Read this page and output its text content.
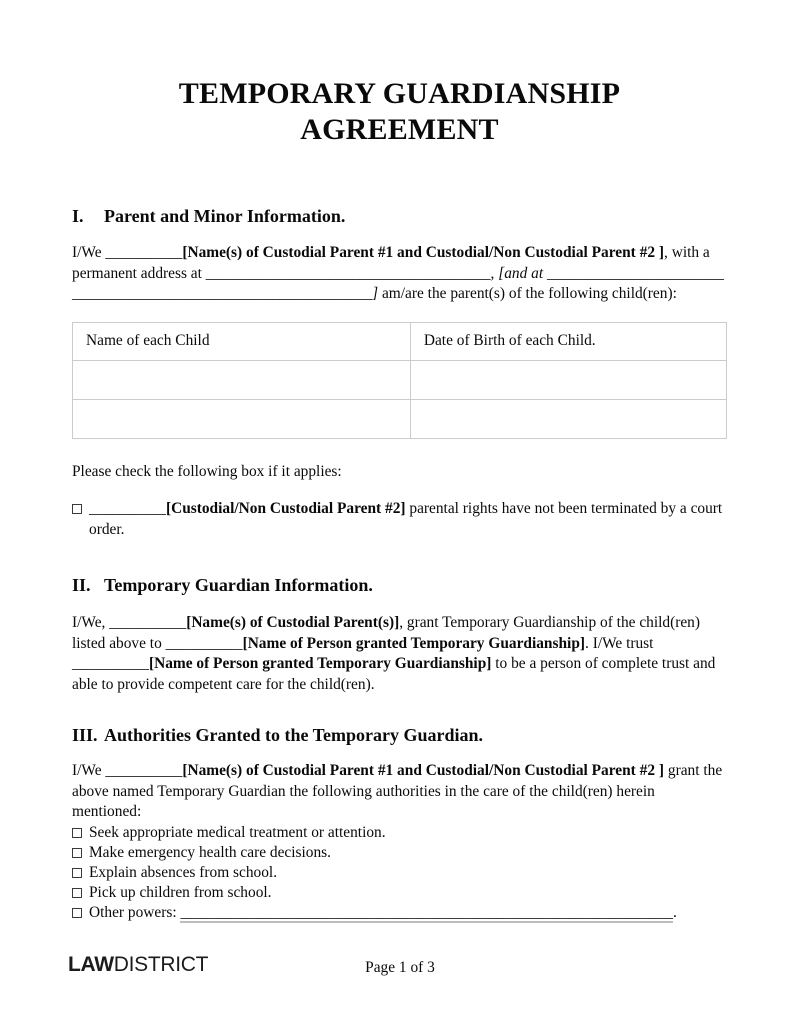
TEMPORARY GUARDIANSHIP
AGREEMENT
I.	Parent and Minor Information.

I/We __________[Name(s) of Custodial Parent #1 and Custodial/Non Custodial Parent #2 ], with a permanent address at _____________________________________, [and at ______________________________________________________________] am/are the parent(s) of the following child(ren):

Name of each Child	Date of Birth of each Child.

Please check the following box if it applies:

__________[Custodial/Non Custodial Parent #2] parental rights have not been terminated by a court order.
II. Temporary Guardian Information.

I/We, __________[Name(s) of Custodial Parent(s)], grant Temporary Guardianship of the child(ren) listed above to __________[Name of Person granted Temporary Guardianship]. I/We trust __________[Name of Person granted Temporary Guardianship] to be a person of complete trust and able to provide competent care for the child(ren).

III. Authorities Granted to the Temporary Guardian.

I/We __________[Name(s) of Custodial Parent #1 and Custodial/Non Custodial Parent #2 ] grant the above named Temporary Guardian the following authorities in the care of the child(ren) herein mentioned:

Seek appropriate medical treatment or attention.
Make emergency health care decisions.
Explain absences from school.
Pick up children from school.
Other powers: ________________________________________________________________.
LAWDISTRICT	Page 1 of 3
